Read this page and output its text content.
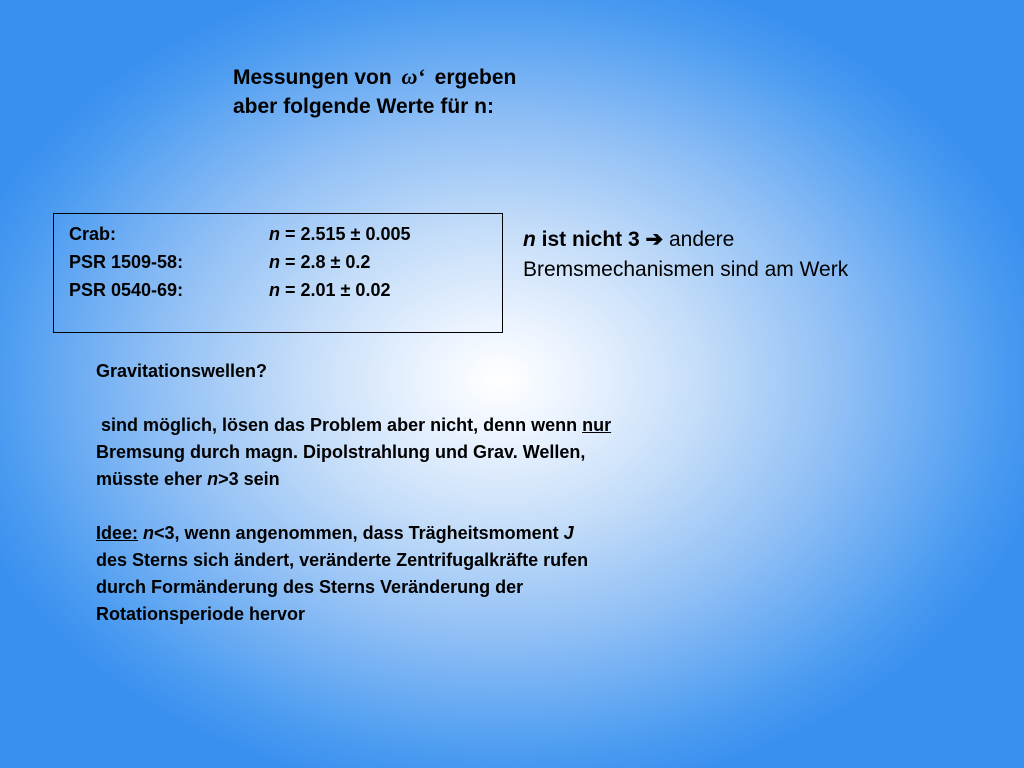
Messungen von ω‘ ergeben
aber folgende Werte für n:
Crab:	n = 2.515 ± 0.005
PSR 1509-58:	n = 2.8 ± 0.2
PSR 0540-69:	n = 2.01 ± 0.02
n ist nicht 3 ➔ andere
Bremsmechanismen sind am Werk
Gravitationswellen?
sind möglich, lösen das Problem aber nicht, denn wenn nur
Bremsung durch magn. Dipolstrahlung und Grav. Wellen,
müsste eher n>3 sein
Idee: n<3, wenn angenommen, dass Trägheitsmoment J
des Sterns sich ändert, veränderte Zentrifugalkräfte rufen
durch Formänderung des Sterns Veränderung der
Rotationsperiode hervor
